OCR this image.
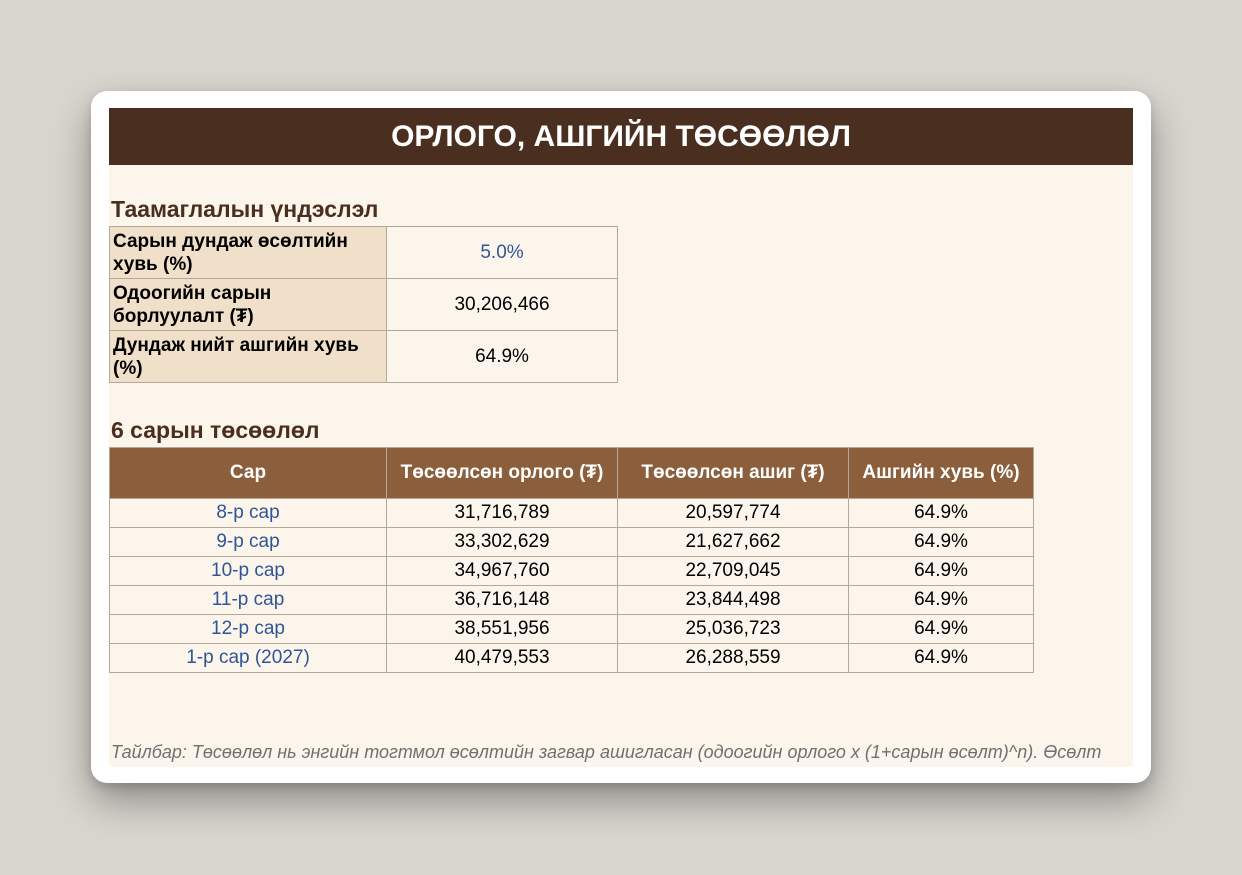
ОРЛОГО, АШГИЙН ТӨСӨӨЛӨЛ
Таамаглалын үндэслэл
Сарын дундаж өсөлтийн хувь (%)	5.0%
Одоогийн сарын борлуулалт (₮)	30,206,466
Дундаж нийт ашгийн хувь (%)	64.9%
6 сарын төсөөлөл
Сар	Төсөөлсөн орлого (₮)	Төсөөлсөн ашиг (₮)	Ашгийн хувь (%)
8-р сар	31,716,789	20,597,774	64.9%
9-р сар	33,302,629	21,627,662	64.9%
10-р сар	34,967,760	22,709,045	64.9%
11-р сар	36,716,148	23,844,498	64.9%
12-р сар	38,551,956	25,036,723	64.9%
1-р сар (2027)	40,479,553	26,288,559	64.9%
Тайлбар: Төсөөлөл нь энгийн тогтмол өсөлтийн загвар ашигласан (одоогийн орлого x (1+сарын өсөлт)^n). Өсөлт
